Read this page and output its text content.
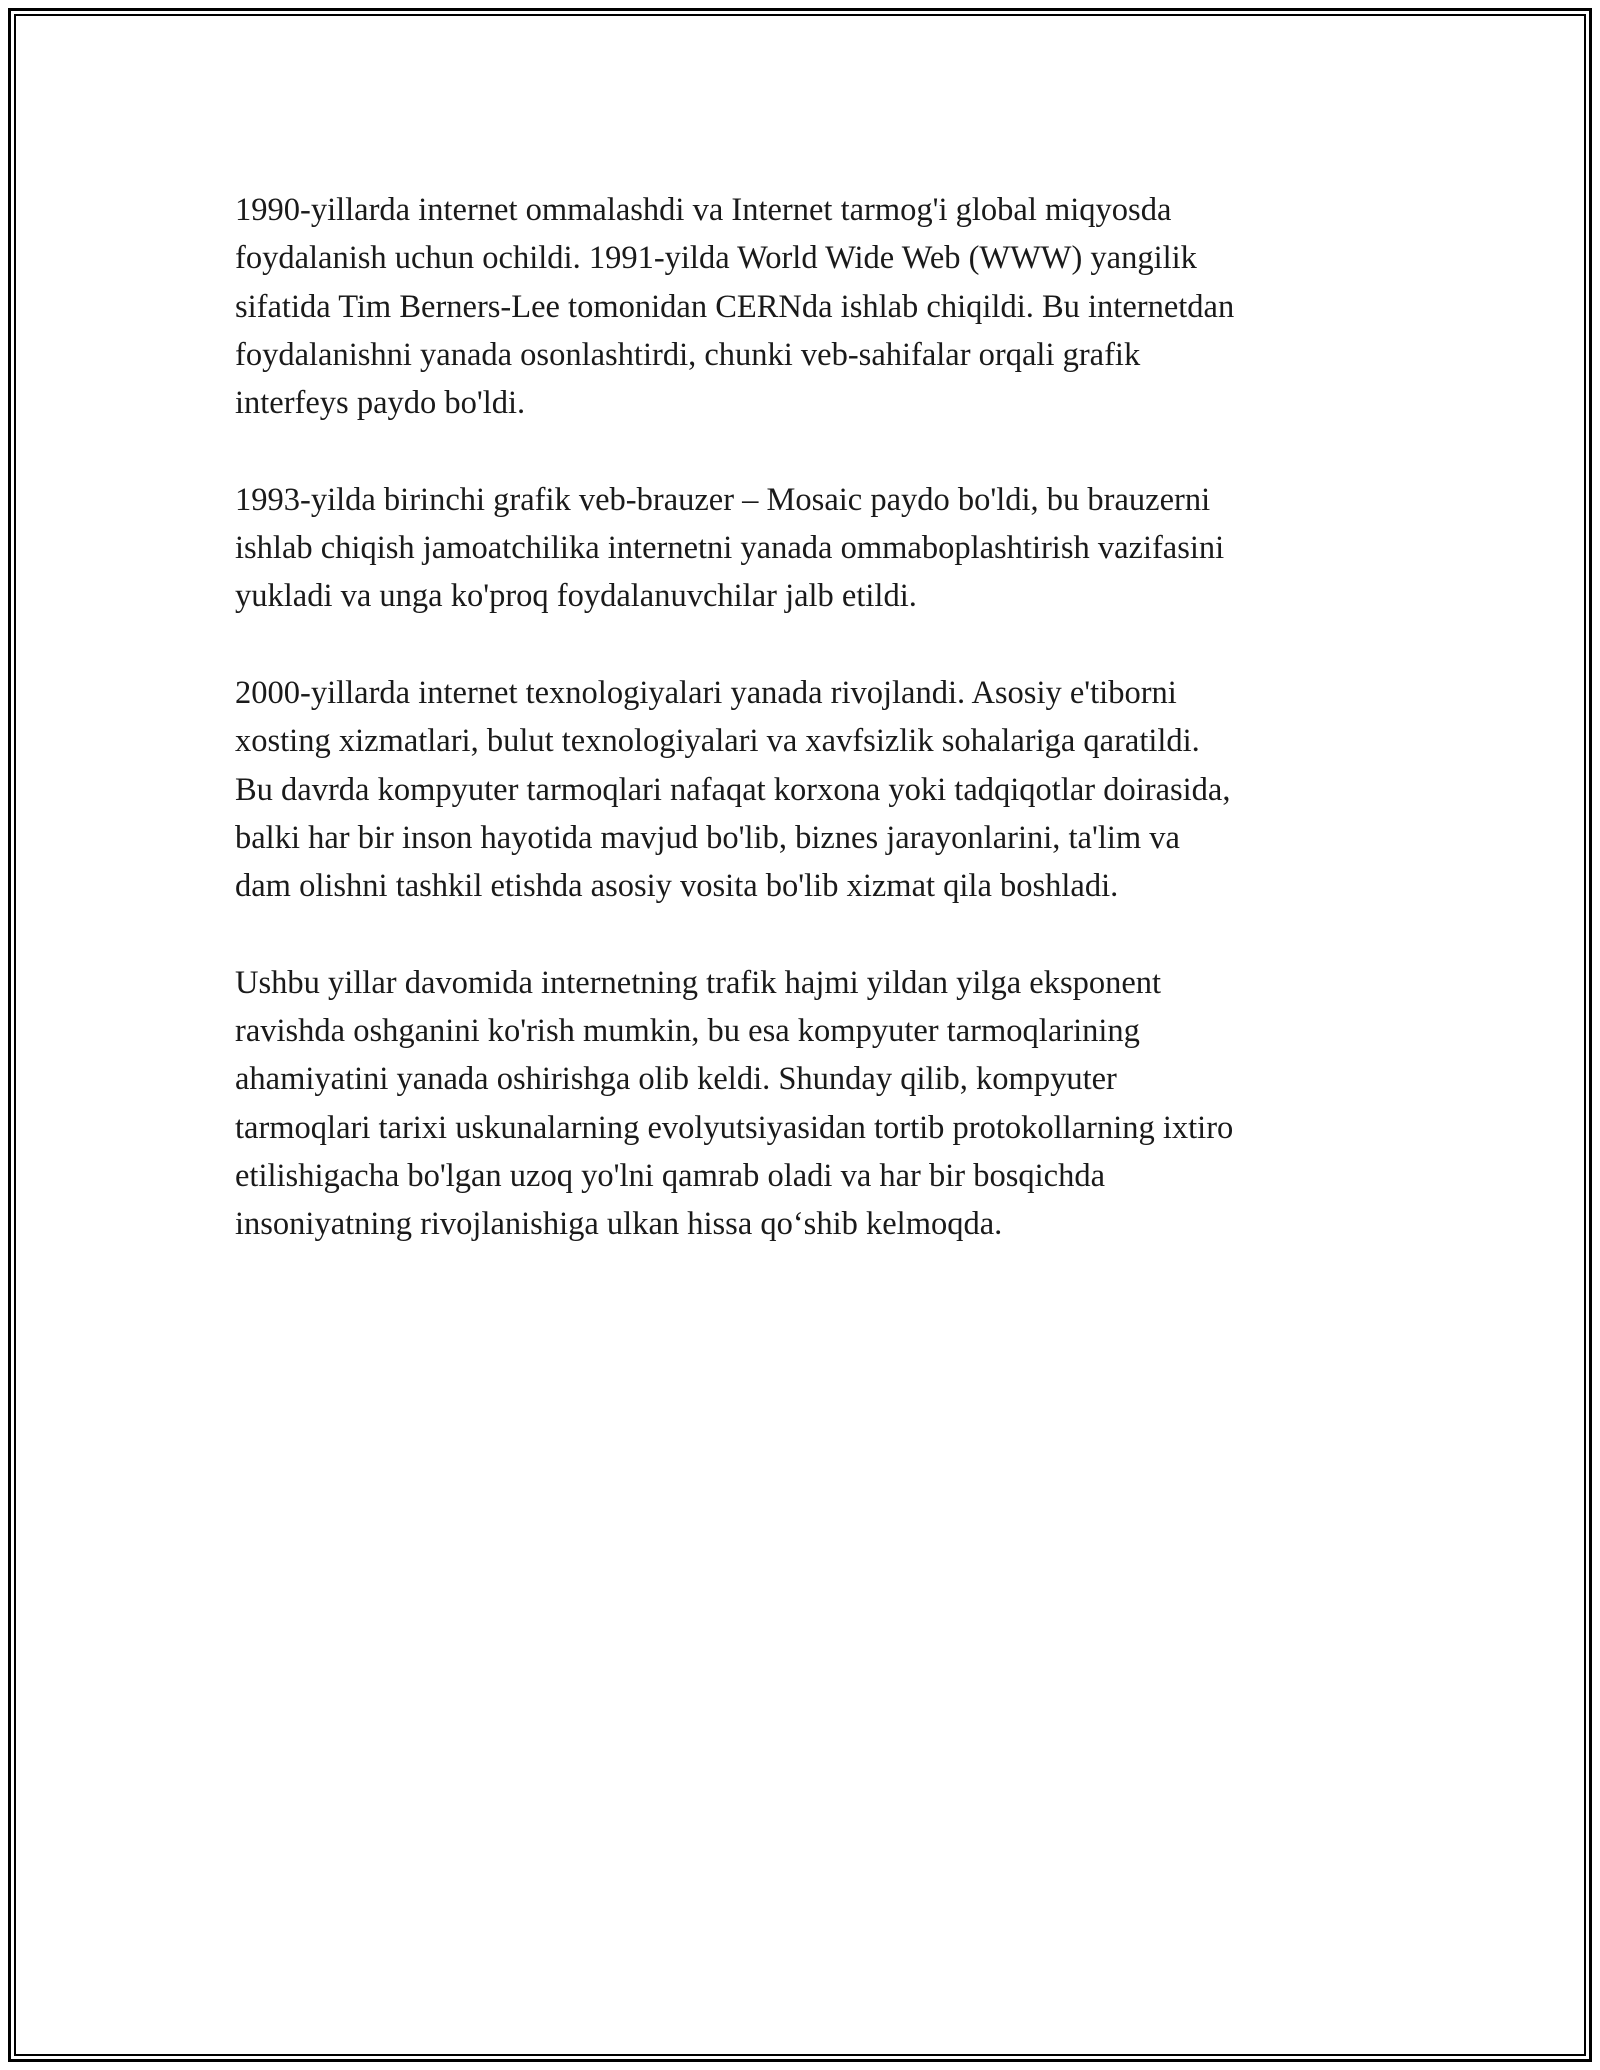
1990-yillarda internet ommalashdi va Internet tarmog'i global miqyosda
foydalanish uchun ochildi. 1991-yilda World Wide Web (WWW) yangilik
sifatida Tim Berners-Lee tomonidan CERNda ishlab chiqildi. Bu internetdan
foydalanishni yanada osonlashtirdi, chunki veb-sahifalar orqali grafik
interfeys paydo bo'ldi.

1993-yilda birinchi grafik veb-brauzer – Mosaic paydo bo'ldi, bu brauzerni
ishlab chiqish jamoatchilika internetni yanada ommaboplashtirish vazifasini
yukladi va unga ko'proq foydalanuvchilar jalb etildi.

2000-yillarda internet texnologiyalari yanada rivojlandi. Asosiy e'tiborni
xosting xizmatlari, bulut texnologiyalari va xavfsizlik sohalariga qaratildi.
Bu davrda kompyuter tarmoqlari nafaqat korxona yoki tadqiqotlar doirasida,
balki har bir inson hayotida mavjud bo'lib, biznes jarayonlarini, ta'lim va
dam olishni tashkil etishda asosiy vosita bo'lib xizmat qila boshladi.

Ushbu yillar davomida internetning trafik hajmi yildan yilga eksponent
ravishda oshganini ko'rish mumkin, bu esa kompyuter tarmoqlarining
ahamiyatini yanada oshirishga olib keldi. Shunday qilib, kompyuter
tarmoqlari tarixi uskunalarning evolyutsiyasidan tortib protokollarning ixtiro
etilishigacha bo'lgan uzoq yo'lni qamrab oladi va har bir bosqichda
insoniyatning rivojlanishiga ulkan hissa qo‘shib kelmoqda.
